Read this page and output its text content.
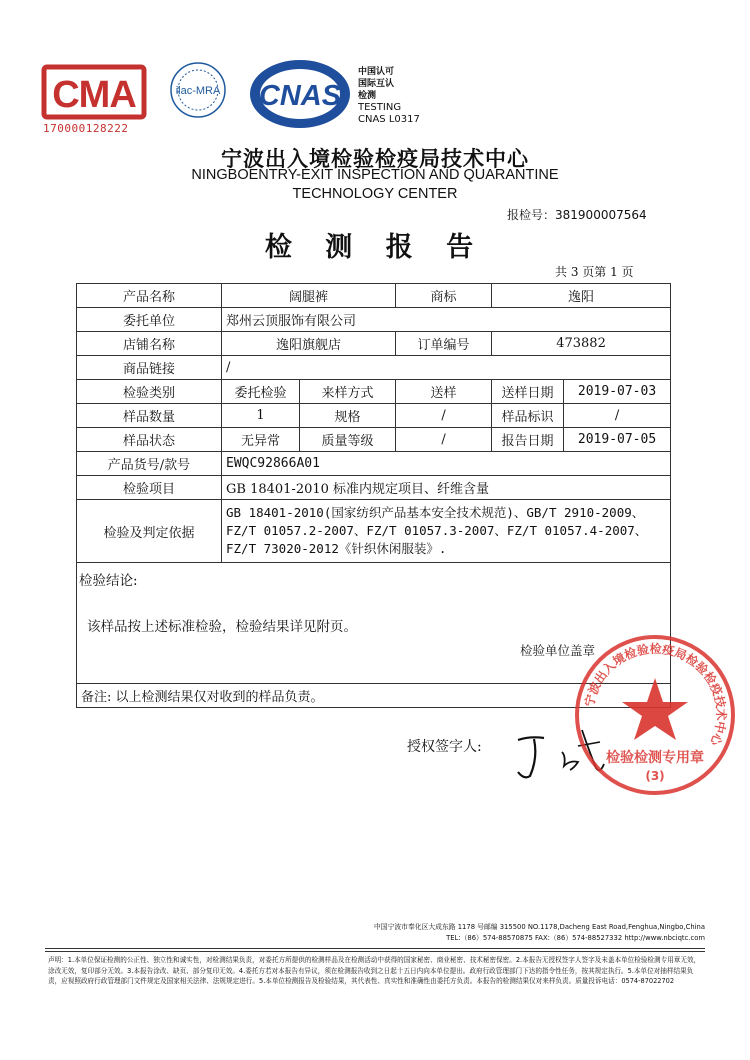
CMA	ilac-MRA CNAS
170000128222
中国认可
国际互认
检测
TESTING
CNAS L0317
宁波出入境检验检疫局技术中心
NINGBOENTRY-EXIT INSPECTION AND QUARANTINE
TECHNOLOGY CENTER
报检号：381900007564
检 测 报 告
共 3 页第 1 页
产品名称	阔腿裤		商标	逸阳	
委托单位	郑州云顶服饰有限公司				
店铺名称	逸阳旗舰店		订单编号	473882	
商品链接	/				
检验类别	委托检验	来样方式	送样	送样日期	2019-07-03
样品数量	1	规格	/	样品标识	/
样品状态	无异常	质量等级	/	报告日期	2019-07-05
产品货号/款号	EWQC92866A01				
检验项目	GB 18401-2010 标准内规定项目、纤维含量				
检验及判定依据	GB 18401-2010(国家纺织产品基本安全技术规范)、GB/T 2910-2009、FZ/T 01057.2-2007、FZ/T 01057.3-2007、FZ/T 01057.4-2007、FZ/T 73020-2012《针织休闲服装》.				

检验结论:
该样品按上述标准检验，检验结果详见附页。
检验单位盖章					

备注: 以上检测结果仅对收到的样品负责。					
授权签字人:
宁波出入境检验检疫局检验检疫技术中心
检验检测专用章
(3)
中国宁波市奉化区大成东路 1178 号邮编 315500 NO.1178,Dacheng East Road,Fenghua,Ningbo,China
TEL:（86）574-88570875 FAX:（86）574-88527332 http://www.nbciqtc.com
声明：1.本单位保证检测的公正性、独立性和诚实性，对检测结果负责，对委托方所提供的检测样品及在检测活动中获得的国家秘密、商业秘密、技术秘密保密。2.本报告无授权签字人签字及未盖本单位检验检测专用章无效，涂改无效，复印部分无效。3.本报告涂改、缺页、部分复印无效。4.委托方若对本报告有异议，须在检测报告收到之日起十五日内向本单位提出。政府行政管理部门下达的指令性任务，按其规定执行。5.本单位对抽样结果负责，应视照政府行政管理部门文件规定及国家相关法律、法规规定进行。5.本单位检测报告及检验结果，其代表性、真实性和准确性由委托方负责。本报告的检测结果仅对来样负责。质量投诉电话：0574-87022702
